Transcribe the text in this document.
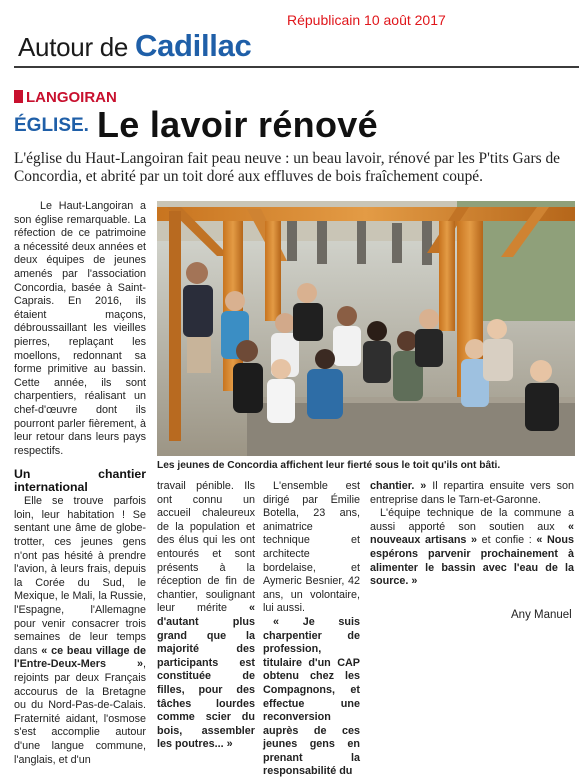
Républicain 10 août 2017
Autour de Cadillac
LANGOIRAN
ÉGLISE. Le lavoir rénové
L'église du Haut-Langoiran fait peau neuve : un beau lavoir, rénové par les P'tits Gars de Concordia, et abrité par un toit doré aux effluves de bois fraîchement coupé.

Le Haut-Langoiran a son église remarquable. La réfection de ce patrimoine a nécessité deux années et deux équipes de jeunes amenés par l'association Concordia, basée à Saint-Caprais. En 2016, ils étaient maçons, débroussaillant les vieilles pierres, replaçant les moellons, redonnant sa forme primitive au bassin. Cette année, ils sont charpentiers, réalisant un chef-d'œuvre dont ils pourront parler fièrement, à leur retour dans leurs pays respectifs.

Un chantier international

Elle se trouve parfois loin, leur habitation ! Se sentant une âme de globe-trotter, ces jeunes gens n'ont pas hésité à prendre l'avion, à leurs frais, depuis la Corée du Sud, le Mexique, le Mali, la Russie, l'Espagne, l'Allemagne pour venir consacrer trois semaines de leur temps dans « ce beau village de l'Entre-Deux-Mers », rejoints par deux Français accourus de la Bretagne ou du Nord-Pas-de-Calais. Fraternité aidant, l'osmose s'est accomplie autour d'une langue commune, l'anglais, et d'un

Les jeunes de Concordia affichent leur fierté sous le toit qu'ils ont bâti.

travail pénible. Ils ont connu un accueil chaleureux de la population et des élus qui les ont entourés et sont présents à la réception de fin de chantier, soulignant leur mérite « d'autant plus grand que la majorité des participants est constituée de filles, pour des tâches lourdes comme scier du bois, assembler les poutres... »

L'ensemble est dirigé par Émilie Botella, 23 ans, animatrice technique et architecte bordelaise, et Aymeric Besnier, 42 ans, un volontaire, lui aussi.

« Je suis charpentier de profession, titulaire d'un CAP obtenu chez les Compagnons, et effectue une reconversion auprès de ces jeunes gens en prenant la responsabilité du

chantier. » Il repartira ensuite vers son entreprise dans le Tarn-et-Garonne.

L'équipe technique de la commune a aussi apporté son soutien aux « nouveaux artisans » et confie : « Nous espérons parvenir prochainement à alimenter le bassin avec l'eau de la source. »

Any Manuel
